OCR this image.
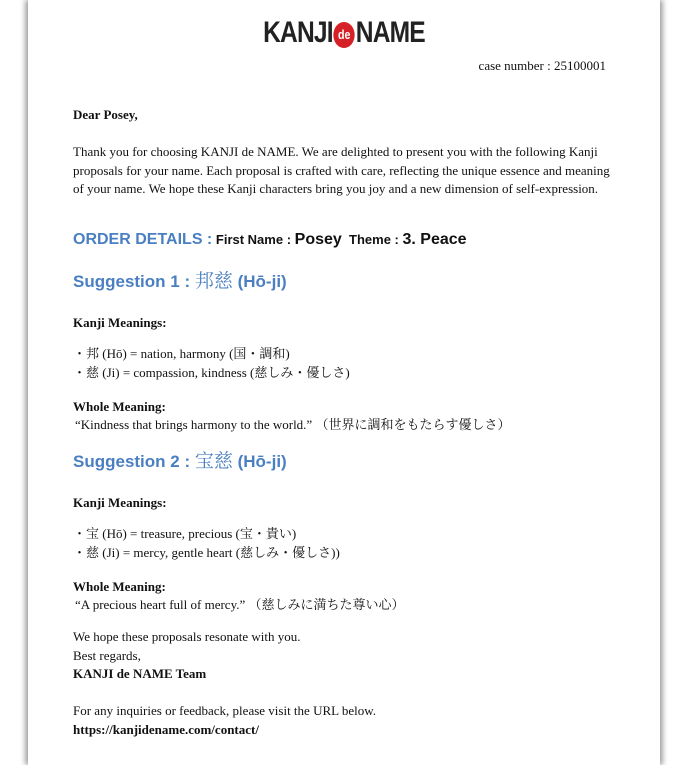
KANJI de NAME
case number : 25100001
Dear Posey,
Thank you for choosing KANJI de NAME. We are delighted to present you with the following Kanji proposals for your name. Each proposal is crafted with care, reflecting the unique essence and meaning of your name. We hope these Kanji characters bring you joy and a new dimension of self-expression.
ORDER DETAILS : First Name : Posey Theme : 3. Peace
Suggestion 1 : 邦慈 (Hō-ji)
Kanji Meanings:
・邦 (Hō) = nation, harmony (国・調和)
・慈 (Ji) = compassion, kindness (慈しみ・優しさ)
Whole Meaning:
“Kindness that brings harmony to the world.” （世界に調和をもたらす優しさ）
Suggestion 2 : 宝慈 (Hō-ji)
Kanji Meanings:
・宝 (Hō) = treasure, precious (宝・貴い)
・慈 (Ji) = mercy, gentle heart (慈しみ・優しさ))
Whole Meaning:
“A precious heart full of mercy.” （慈しみに満ちた尊い心）
We hope these proposals resonate with you.
Best regards,
KANJI de NAME Team
For any inquiries or feedback, please visit the URL below.
https://kanjidename.com/contact/
